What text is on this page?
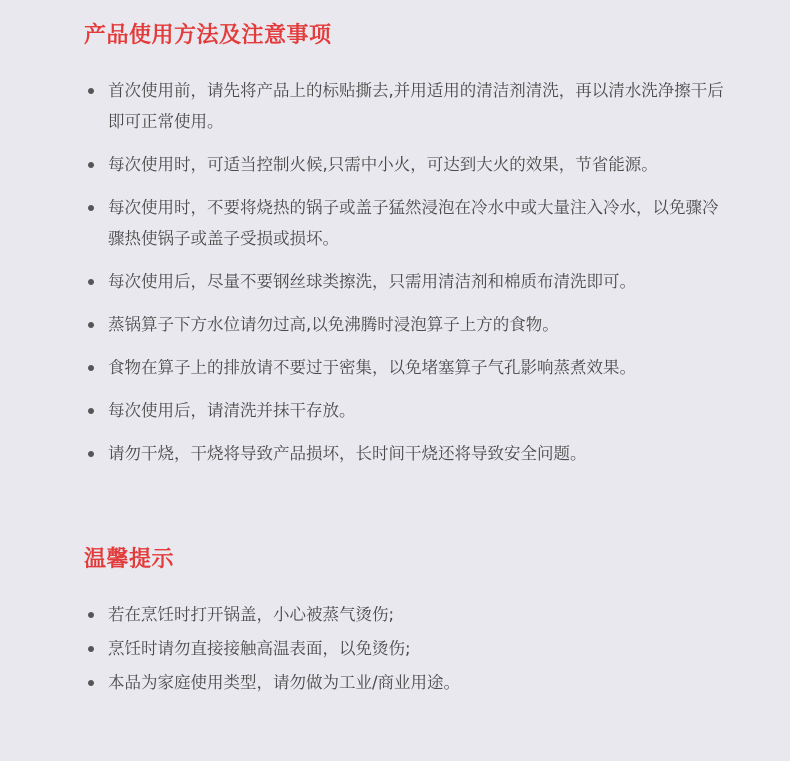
产品使用方法及注意事项
首次使用前，请先将产品上的标贴撕去,并用适用的清洁剂清洗，再以清水洗净擦干后即可正常使用。
每次使用时，可适当控制火候,只需中小火，可达到大火的效果，节省能源。
每次使用时，不要将烧热的锅子或盖子猛然浸泡在冷水中或大量注入冷水，以免骤冷骤热使锅子或盖子受损或损坏。
每次使用后，尽量不要钢丝球类擦洗，只需用清洁剂和棉质布清洗即可。
蒸锅算子下方水位请勿过高,以免沸腾时浸泡算子上方的食物。
食物在算子上的排放请不要过于密集，以免堵塞算子气孔影响蒸煮效果。
每次使用后，请清洗并抹干存放。
请勿干烧，干烧将导致产品损坏，长时间干烧还将导致安全问题。
温馨提示
若在烹饪时打开锅盖，小心被蒸气烫伤;
烹饪时请勿直接接触高温表面，以免烫伤;
本品为家庭使用类型，请勿做为工业/商业用途。
